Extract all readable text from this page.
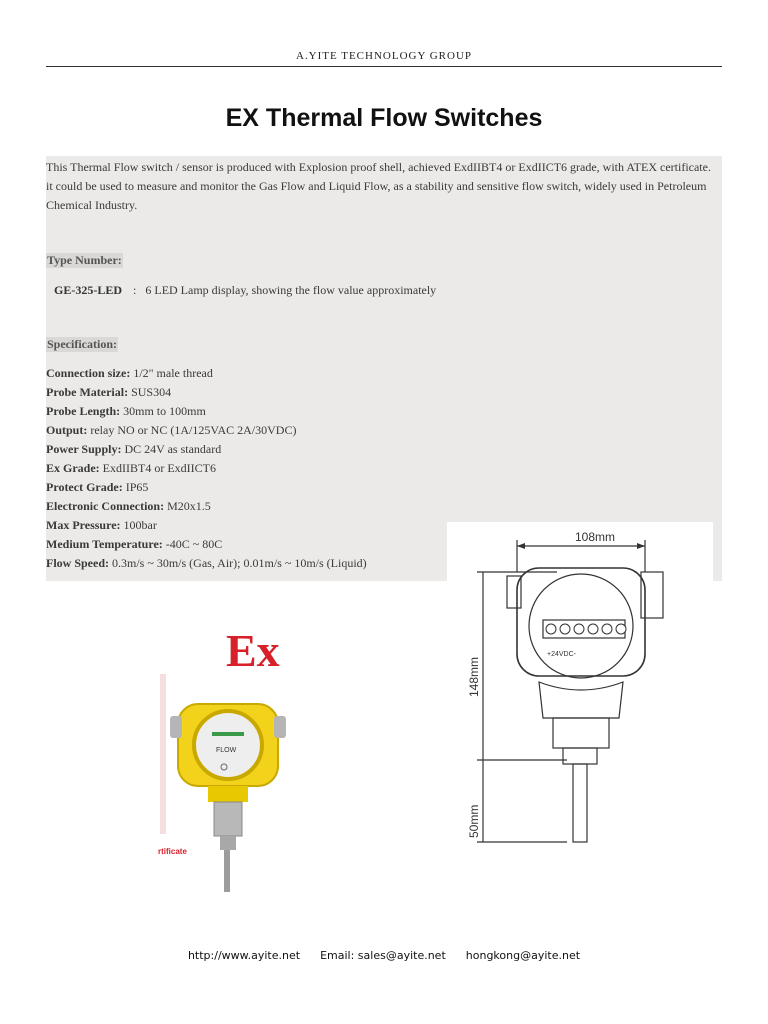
A.YITE TECHNOLOGY GROUP
EX Thermal Flow Switches
This Thermal Flow switch / sensor is produced with Explosion proof shell, achieved ExdIIBT4 or ExdIICT6 grade, with ATEX certificate. it could be used to measure and monitor the Gas Flow and Liquid Flow, as a stability and sensitive flow switch, widely used in Petroleum Chemical Industry.
Type Number:
GE-325-LED : 6 LED Lamp display, showing the flow value approximately
Specification:
Connection size: 1/2" male thread
Probe Material: SUS304
Probe Length: 30mm to 100mm
Output: relay NO or NC (1A/125VAC 2A/30VDC)
Power Supply: DC 24V as standard
Ex Grade: ExdIIBT4 or ExdIICT6
Protect Grade: IP65
Electronic Connection: M20x1.5
Max Pressure: 100bar
Medium Temperature: -40C ~ 80C
Flow Speed: 0.3m/s ~ 30m/s (Gas, Air); 0.01m/s ~ 10m/s (Liquid)
Ex
FLOW
rtificate
108mm
+24VDC-
148mm
50mm
http://www.ayite.net Email: sales@ayite.net hongkong@ayite.net
